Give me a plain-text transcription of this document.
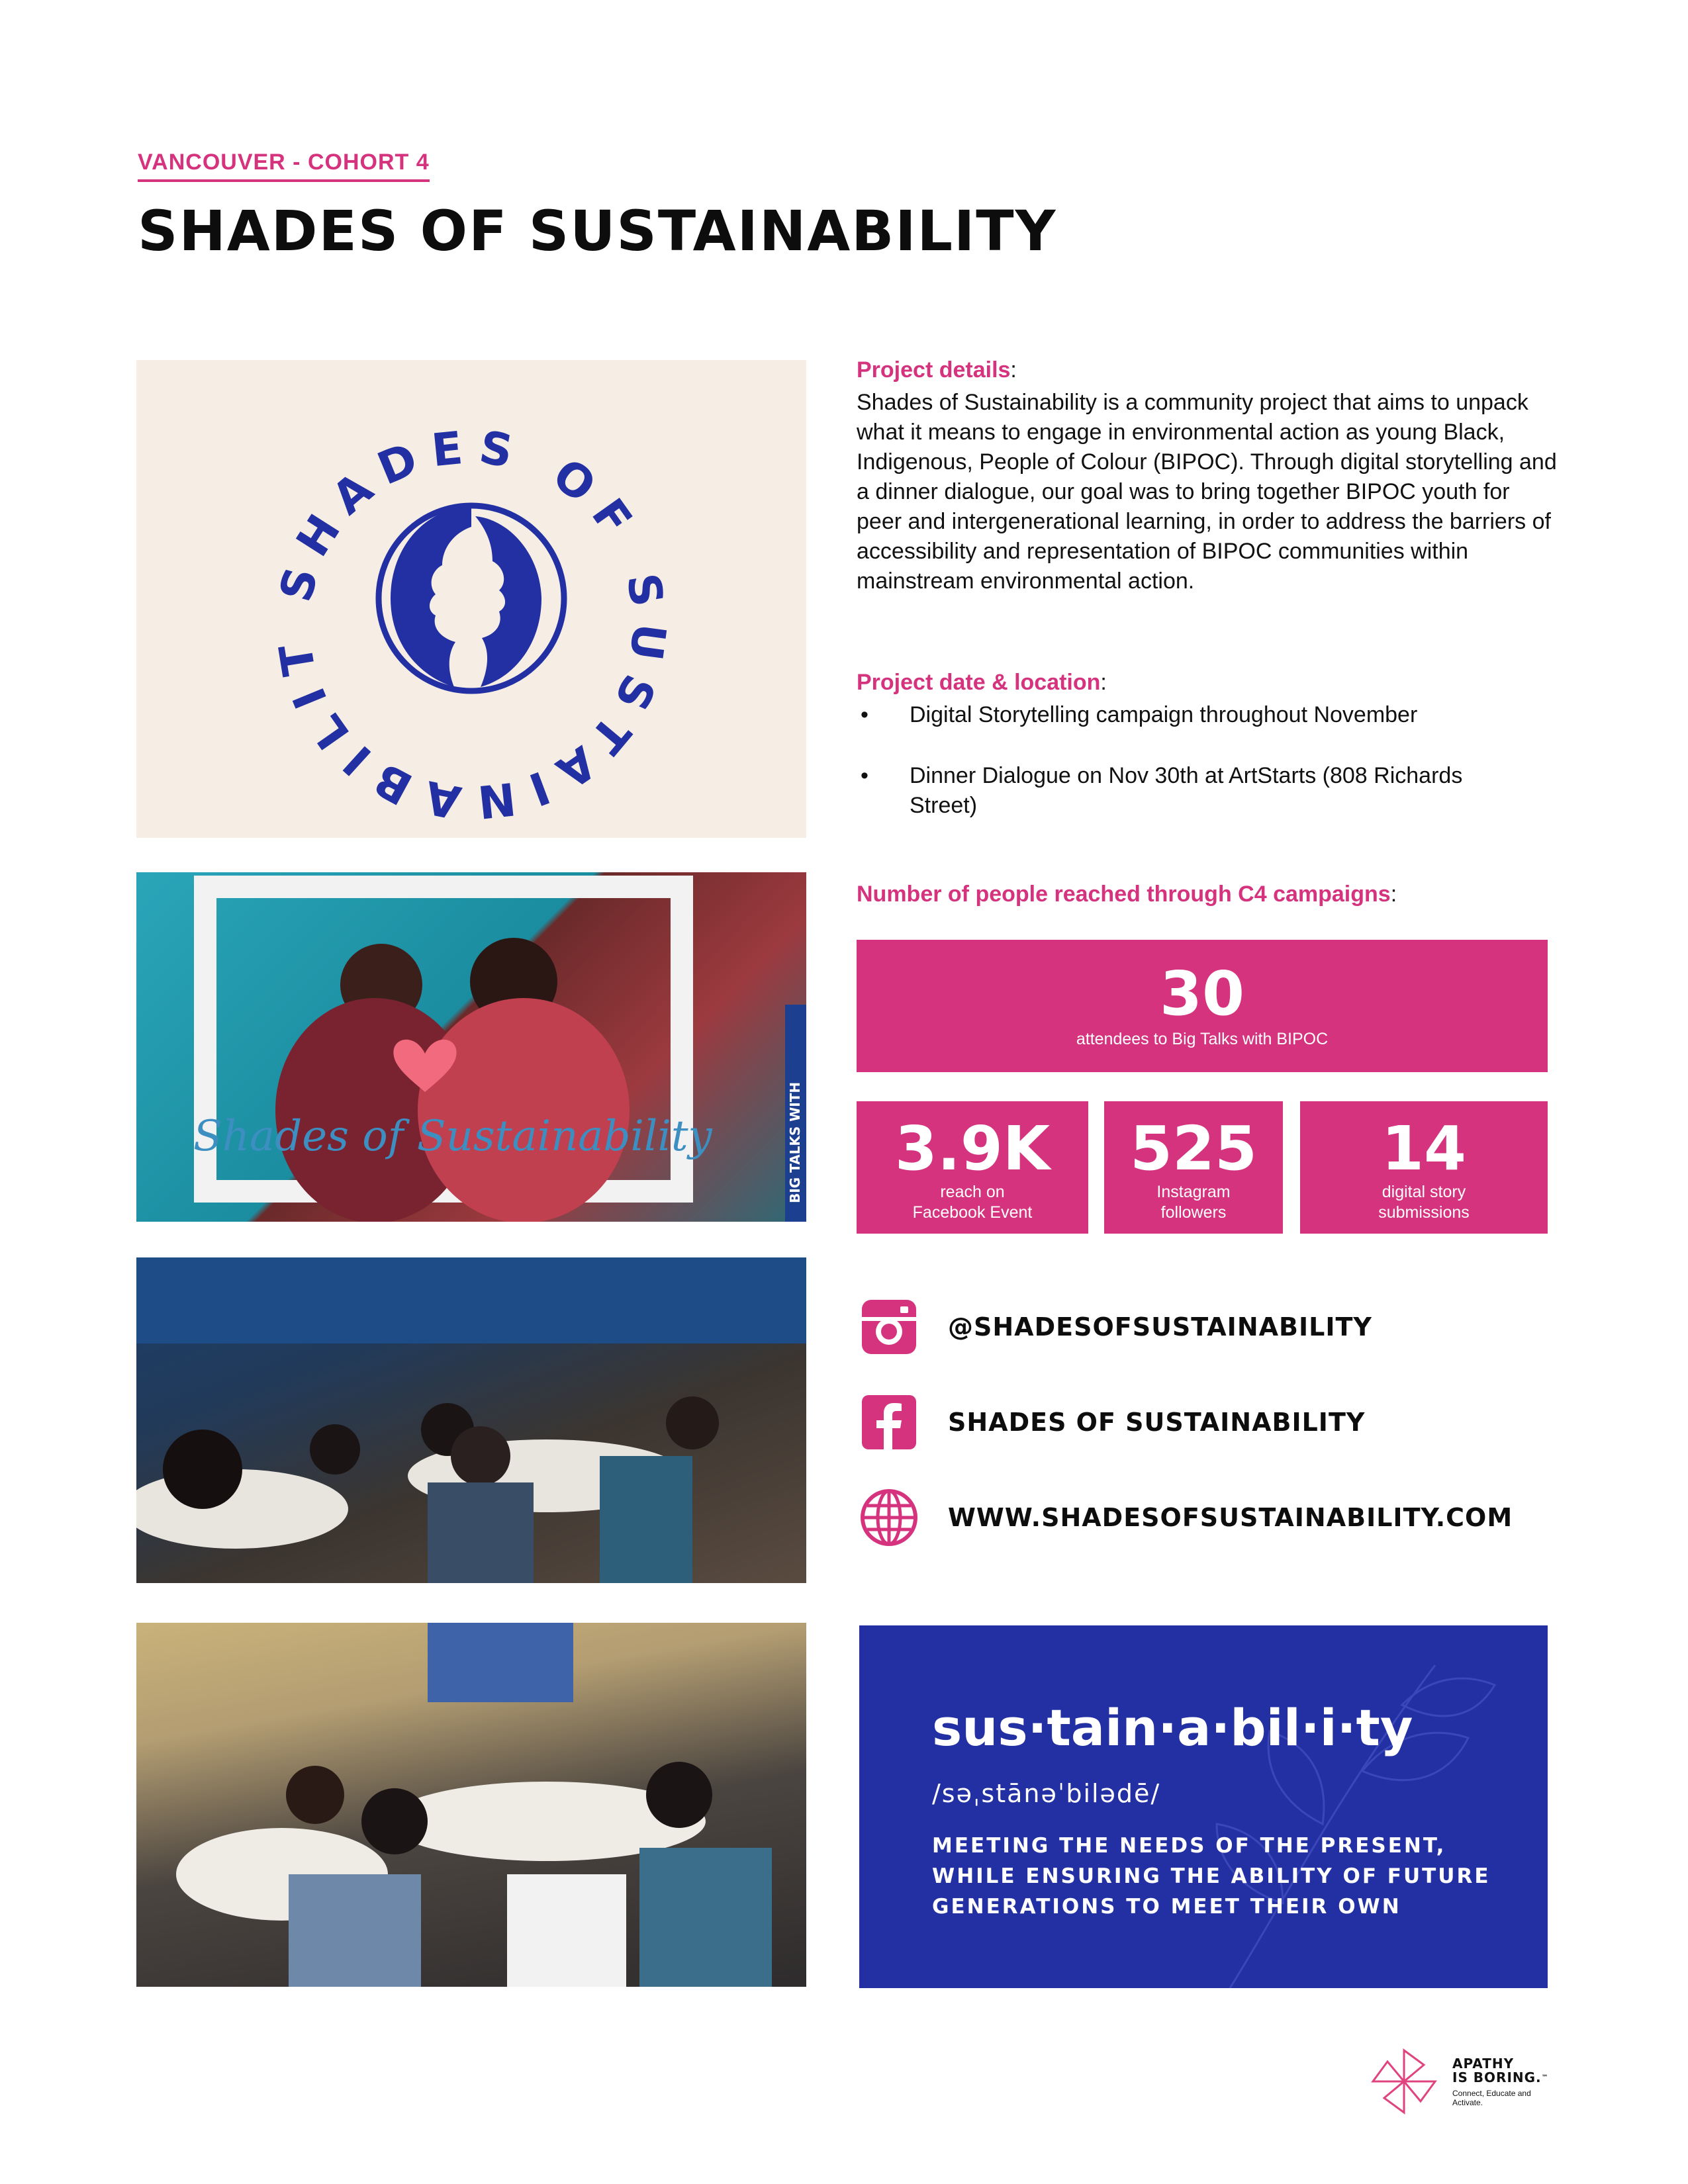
VANCOUVER - COHORT 4
SHADES OF SUSTAINABILITY
SHADES OF SUSTAINABILIT
Shades of Sustainability	BIG TALKS WITH
Project details:
Shades of Sustainability is a community project that aims to unpack what it means to engage in environmental action as young Black, Indigenous, People of Colour (BIPOC). Through digital storytelling and a dinner dialogue, our goal was to bring together BIPOC youth for peer and intergenerational learning, in order to address the barriers of accessibility and representation of BIPOC communities within mainstream environmental action.
Project date & location:
•	Digital Storytelling campaign throughout November
•	Dinner Dialogue on Nov 30th at ArtStarts (808 Richards Street)
Number of people reached through C4 campaigns:
30
attendees to Big Talks with BIPOC
3.9K
reach on
Facebook Event
525
Instagram
followers
14
digital story
submissions
@SHADESOFSUSTAINABILITY
SHADES OF SUSTAINABILITY
WWW.SHADESOFSUSTAINABILITY.COM
sus·tain·a·bil·i·ty
/səˌstānəˈbilədē/
MEETING THE NEEDS OF THE PRESENT, WHILE ENSURING THE ABILITY OF FUTURE GENERATIONS TO MEET THEIR OWN
APATHY
IS BORING.™
Connect, Educate and Activate.
